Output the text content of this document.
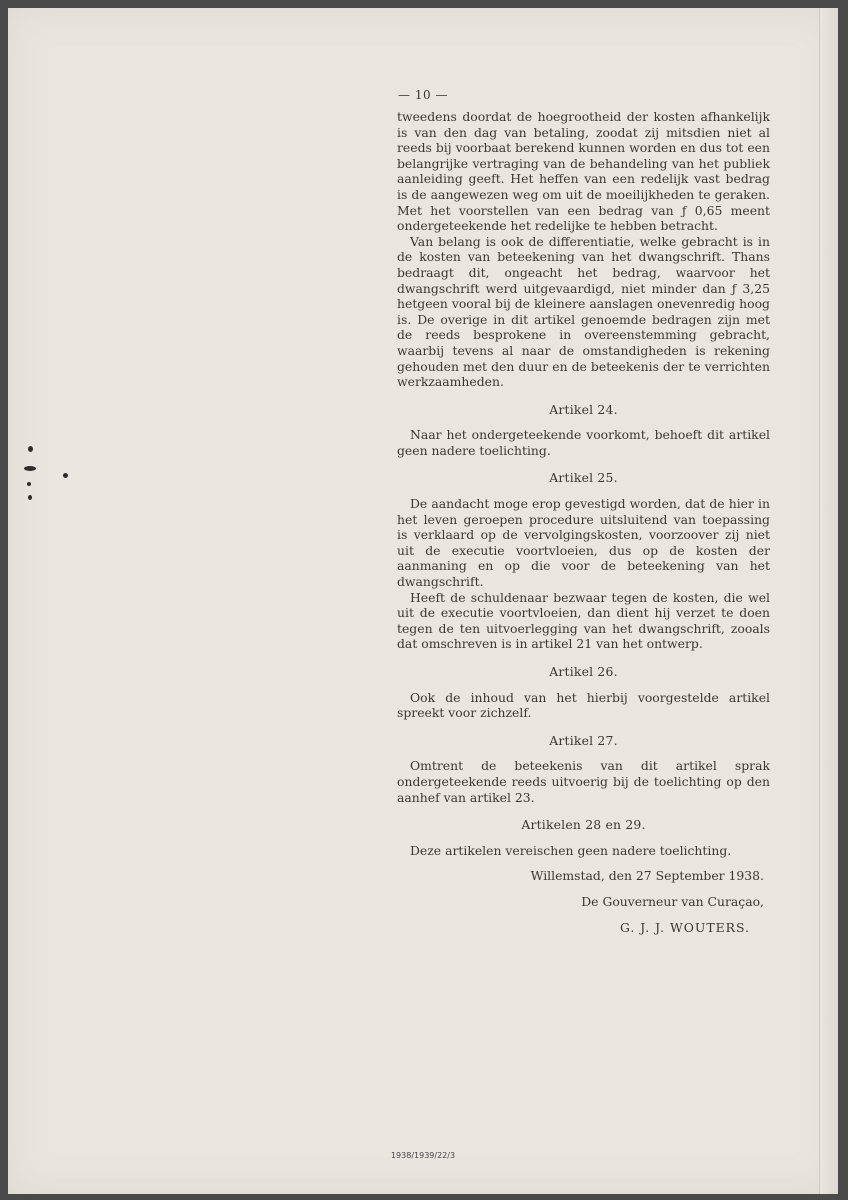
— 10 —

tweedens doordat de hoegrootheid der kosten afhankelijk is van den dag van betaling, zoodat zij mitsdien niet al reeds bij voorbaat berekend kunnen worden en dus tot een belangrijke vertraging van de behandeling van het publiek aanleiding geeft. Het heffen van een redelijk vast bedrag is de aangewezen weg om uit de moeilijkheden te geraken. Met het voorstellen van een bedrag van ƒ 0,65 meent ondergeteekende het redelijke te hebben betracht.

Van belang is ook de differentiatie, welke gebracht is in de kosten van beteekening van het dwangschrift. Thans bedraagt dit, ongeacht het bedrag, waarvoor het dwangschrift werd uitgevaardigd, niet minder dan ƒ 3,25 hetgeen vooral bij de kleinere aanslagen onevenredig hoog is. De overige in dit artikel genoemde bedragen zijn met de reeds besprokene in overeenstemming gebracht, waarbij tevens al naar de omstandigheden is rekening gehouden met den duur en de beteekenis der te verrichten werkzaamheden.

Artikel 24.

Naar het ondergeteekende voorkomt, behoeft dit artikel geen nadere toelichting.

Artikel 25.

De aandacht moge erop gevestigd worden, dat de hier in het leven geroepen procedure uitsluitend van toepassing is verklaard op de vervolgingskosten, voorzoover zij niet uit de executie voortvloeien, dus op de kosten der aanmaning en op die voor de beteekening van het dwangschrift.

Heeft de schuldenaar bezwaar tegen de kosten, die wel uit de executie voortvloeien, dan dient hij verzet te doen tegen de ten uitvoerlegging van het dwangschrift, zooals dat omschreven is in artikel 21 van het ontwerp.

Artikel 26.

Ook de inhoud van het hierbij voorgestelde artikel spreekt voor zichzelf.

Artikel 27.

Omtrent de beteekenis van dit artikel sprak ondergeteekende reeds uitvoerig bij de toelichting op den aanhef van artikel 23.

Artikelen 28 en 29.

Deze artikelen vereischen geen nadere toelichting.

Willemstad, den 27 September 1938.

De Gouverneur van Curaçao,

G. J. J. WOUTERS.

1938/1939/22/3
